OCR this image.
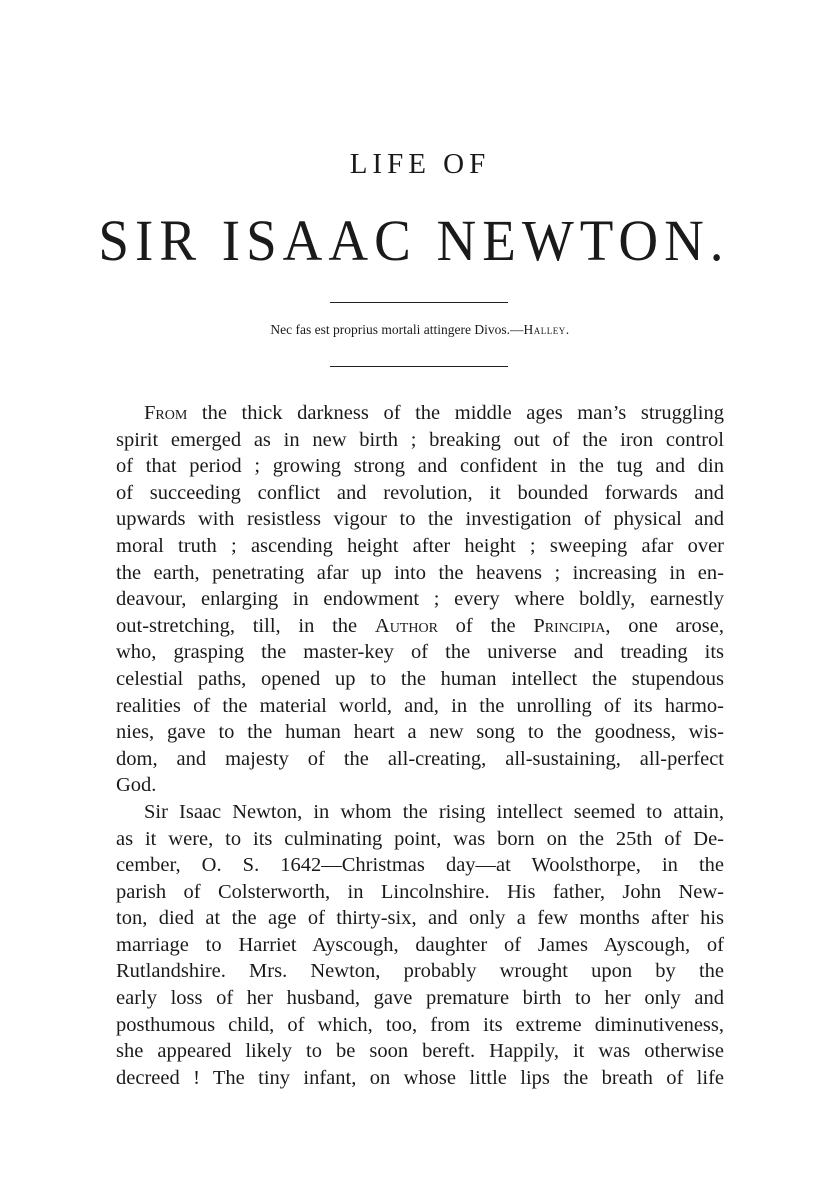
LIFE OF
SIR ISAAC NEWTON.
Nec fas est proprius mortali attingere Divos.—Halley.
From the thick darkness of the middle ages man’s struggling
spirit emerged as in new birth ; breaking out of the iron control
of that period ; growing strong and confident in the tug and din
of succeeding conflict and revolution, it bounded forwards and
upwards with resistless vigour to the investigation of physical and
moral truth ; ascending height after height ; sweeping afar over
the earth, penetrating afar up into the heavens ; increasing in en-
deavour, enlarging in endowment ; every where boldly, earnestly
out-stretching, till, in the Author of the Principia, one arose,
who, grasping the master-key of the universe and treading its
celestial paths, opened up to the human intellect the stupendous
realities of the material world, and, in the unrolling of its harmo-
nies, gave to the human heart a new song to the goodness, wis-
dom, and majesty of the all-creating, all-sustaining, all-perfect
God.
Sir Isaac Newton, in whom the rising intellect seemed to attain,
as it were, to its culminating point, was born on the 25th of De-
cember, O. S. 1642—Christmas day—at Woolsthorpe, in the
parish of Colsterworth, in Lincolnshire. His father, John New-
ton, died at the age of thirty-six, and only a few months after his
marriage to Harriet Ayscough, daughter of James Ayscough, of
Rutlandshire. Mrs. Newton, probably wrought upon by the
early loss of her husband, gave premature birth to her only and
posthumous child, of which, too, from its extreme diminutiveness,
she appeared likely to be soon bereft. Happily, it was otherwise
decreed ! The tiny infant, on whose little lips the breath of life
